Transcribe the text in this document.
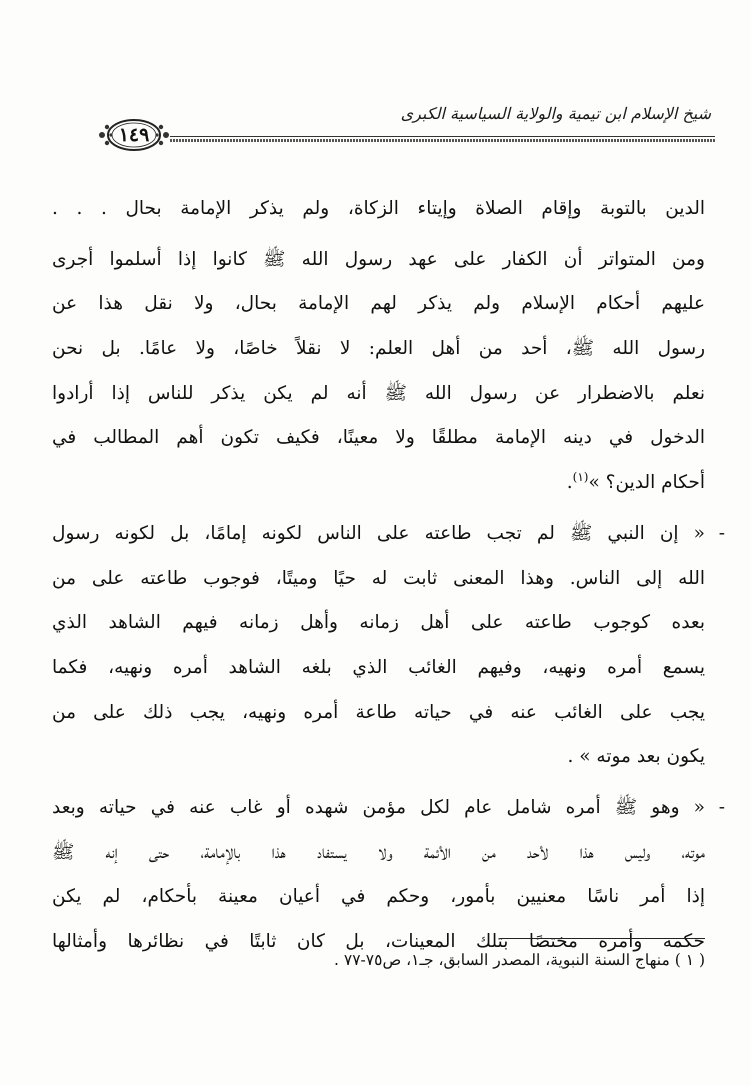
شيخ الإسلام ابن تيمية والولاية السياسية الكبرى
١٤٩
الدين بالتوبة وإقام الصلاة وإيتاء الزكاة، ولم يذكر الإمامة بحال . . .
ومن المتواتر أن الكفار على عهد رسول الله ﷺ كانوا إذا أسلموا أجرى
عليهم أحكام الإسلام ولم يذكر لهم الإمامة بحال، ولا نقل هذا عن
رسول الله ﷺ، أحد من أهل العلم: لا نقلاً خاصًا، ولا عامًا. بل نحن
نعلم بالاضطرار عن رسول الله ﷺ أنه لم يكن يذكر للناس إذا أرادوا
الدخول في دينه الإمامة مطلقًا ولا معينًا، فكيف تكون أهم المطالب في
أحكام الدين؟ »$^{(١)}$.
-
« إن النبي ﷺ لم تجب طاعته على الناس لكونه إمامًا، بل لكونه رسول
الله إلى الناس. وهذا المعنى ثابت له حيًا وميتًا، فوجوب طاعته على من
بعده كوجوب طاعته على أهل زمانه وأهل زمانه فيهم الشاهد الذي
يسمع أمره ونهيه، وفيهم الغائب الذي بلغه الشاهد أمره ونهيه، فكما
يجب على الغائب عنه في حياته طاعة أمره ونهيه، يجب ذلك على من
يكون بعد موته » .
-
« وهو ﷺ أمره شامل عام لكل مؤمن شهده أو غاب عنه في حياته وبعد
موته، وليس هذا لأحد من الأئمة ولا يستفاد هذا بالإمامة، حتى إنه ﷺ
إذا أمر ناسًا معنيين بأمور، وحكم في أعيان معينة بأحكام، لم يكن
حكمه وأمره مختصًا بتلك المعينات، بل كان ثابتًا في نظائرها وأمثالها
( ١ ) منهاج السنة النبوية، المصدر السابق، جـ١، ص٧٥-٧٧ .
